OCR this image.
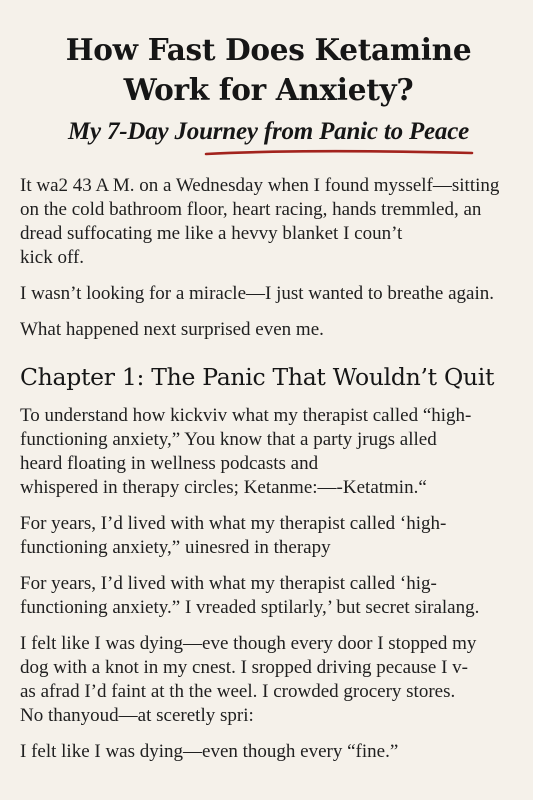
How Fast Does Ketamine
Work for Anxiety?
My 7-Day Journey from Panic to Peace

It wa2 43 A M. on a Wednesday when I found mysself—sitting
on the cold bathroom floor, heart racing, hands tremmled, an
dread suffocating me like a hevvy blanket I coun’t
kick off.

I wasn’t looking for a miracle—I just wanted to breathe again.

What happened next surprised even me.

Chapter 1: The Panic That Wouldn’t Quit

To understand how kickviv what my therapist called “high-
functioning anxiety,” You know that a party jrugs alled
heard floating in wellness podcasts and
whispered in therapy circles; Ketanme:—-Ketatmin.“

For years, I’d lived with what my therapist called ‘high-
functioning anxiety,” uinesred in therapy

For years, I’d lived with what my therapist called ‘hig-
functioning anxiety.” I vreaded sptilarly,’ but secret siralang.

I felt like I was dying—eve though every door I stopped my
dog with a knot in my cnest. I sropped driving pecause I v-
as afrad I’d faint at th the weel. I crowded grocery stores.
No thanyoud—at sceretly spri:

I felt like I was dying—even though every “fine.”
